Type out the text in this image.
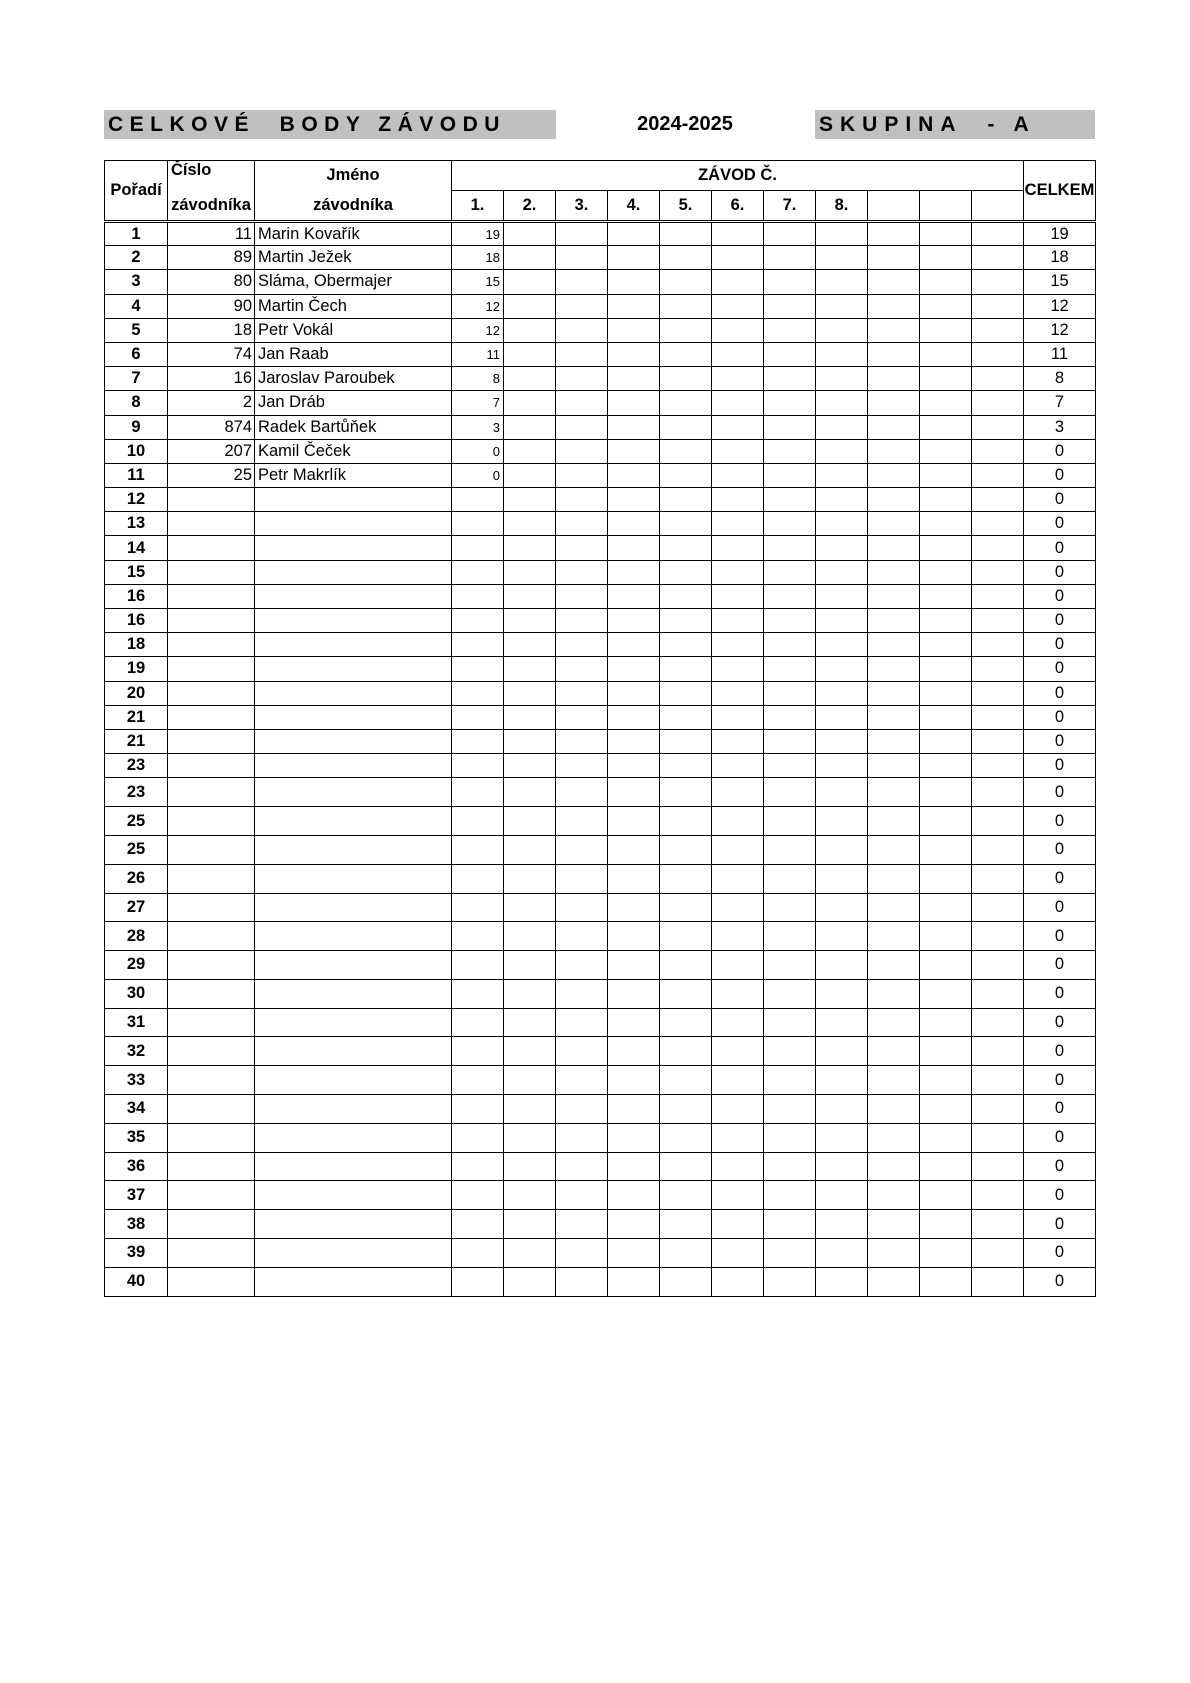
CELKOVÉ  BODY ZÁVODU	2024-2025	SKUPINA  - A
Pořadí	Číslo	Jméno	ZÁVOD Č.											CELKEM
	závodníka	závodníka	1.	2.	3.	4.	5.	6.	7.	8.				
1	11	Marin Kovařík	19											19
2	89	Martin Ježek	18											18
3	80	Sláma, Obermajer	15											15
4	90	Martin Čech	12											12
5	18	Petr Vokál	12											12
6	74	Jan Raab	11											11
7	16	Jaroslav Paroubek	8											8
8	2	Jan Dráb	7											7
9	874	Radek Bartůňek	3											3
10	207	Kamil Čeček	0											0
11	25	Petr Makrlík	0											0
12														0
13														0
14														0
15														0
16														0
16														0
18														0
19														0
20														0
21														0
21														0
23														0
23														0
25														0
25														0
26														0
27														0
28														0
29														0
30														0
31														0
32														0
33														0
34														0
35														0
36														0
37														0
38														0
39														0
40														0
